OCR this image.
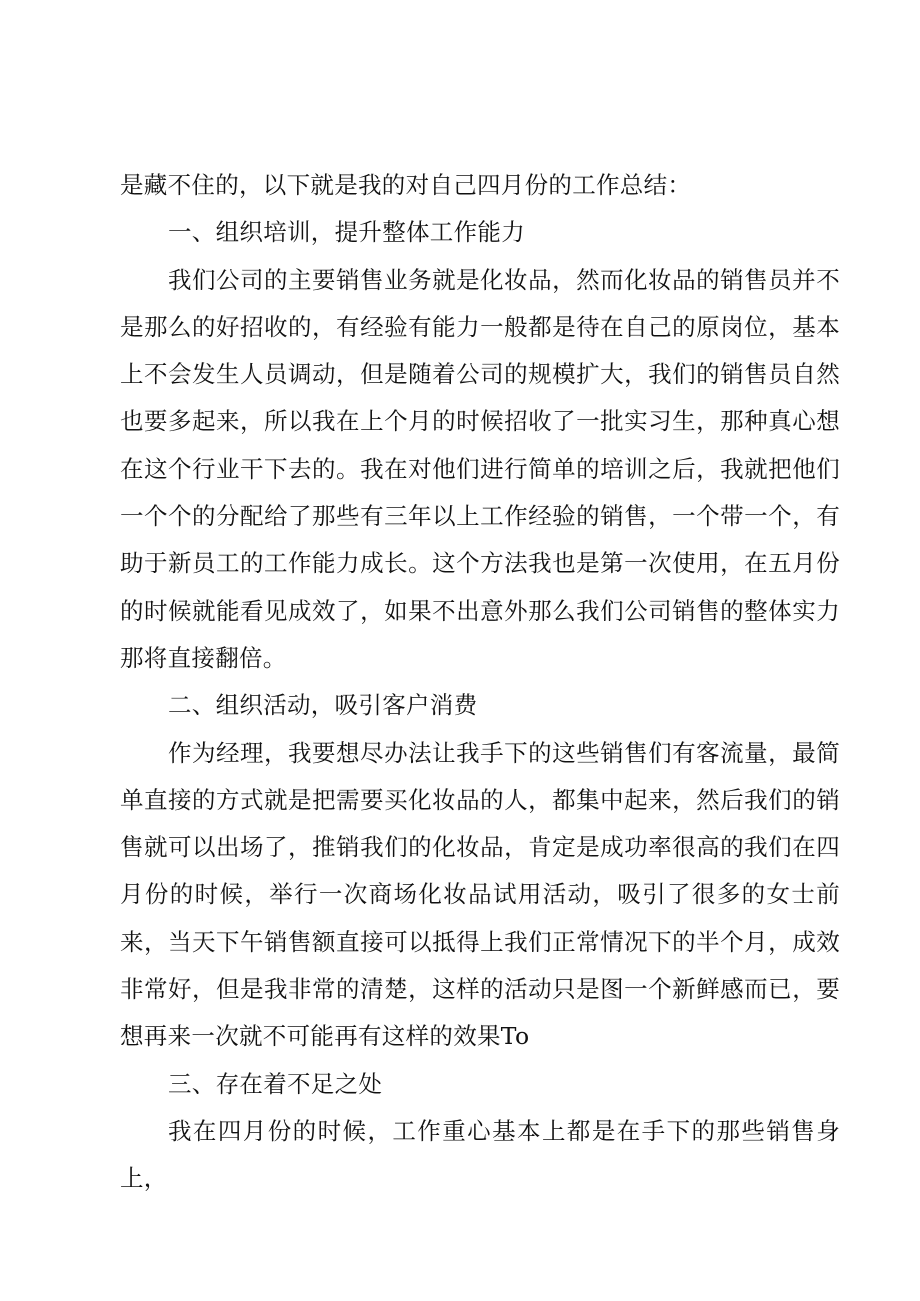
是藏不住的，以下就是我的对自己四月份的工作总结：

一、组织培训，提升整体工作能力

我们公司的主要销售业务就是化妆品，然而化妆品的销售员并不是那么的好招收的，有经验有能力一般都是待在自己的原岗位，基本上不会发生人员调动，但是随着公司的规模扩大，我们的销售员自然也要多起来，所以我在上个月的时候招收了一批实习生，那种真心想在这个行业干下去的。我在对他们进行简单的培训之后，我就把他们一个个的分配给了那些有三年以上工作经验的销售，一个带一个，有助于新员工的工作能力成长。这个方法我也是第一次使用，在五月份的时候就能看见成效了，如果不出意外那么我们公司销售的整体实力那将直接翻倍。

二、组织活动，吸引客户消费

作为经理，我要想尽办法让我手下的这些销售们有客流量，最简单直接的方式就是把需要买化妆品的人，都集中起来，然后我们的销售就可以出场了，推销我们的化妆品，肯定是成功率很高的我们在四月份的时候，举行一次商场化妆品试用活动，吸引了很多的女士前来，当天下午销售额直接可以抵得上我们正常情况下的半个月，成效非常好，但是我非常的清楚，这样的活动只是图一个新鲜感而已，要想再来一次就不可能再有这样的效果To

三、存在着不足之处

我在四月份的时候，工作重心基本上都是在手下的那些销售身上，
